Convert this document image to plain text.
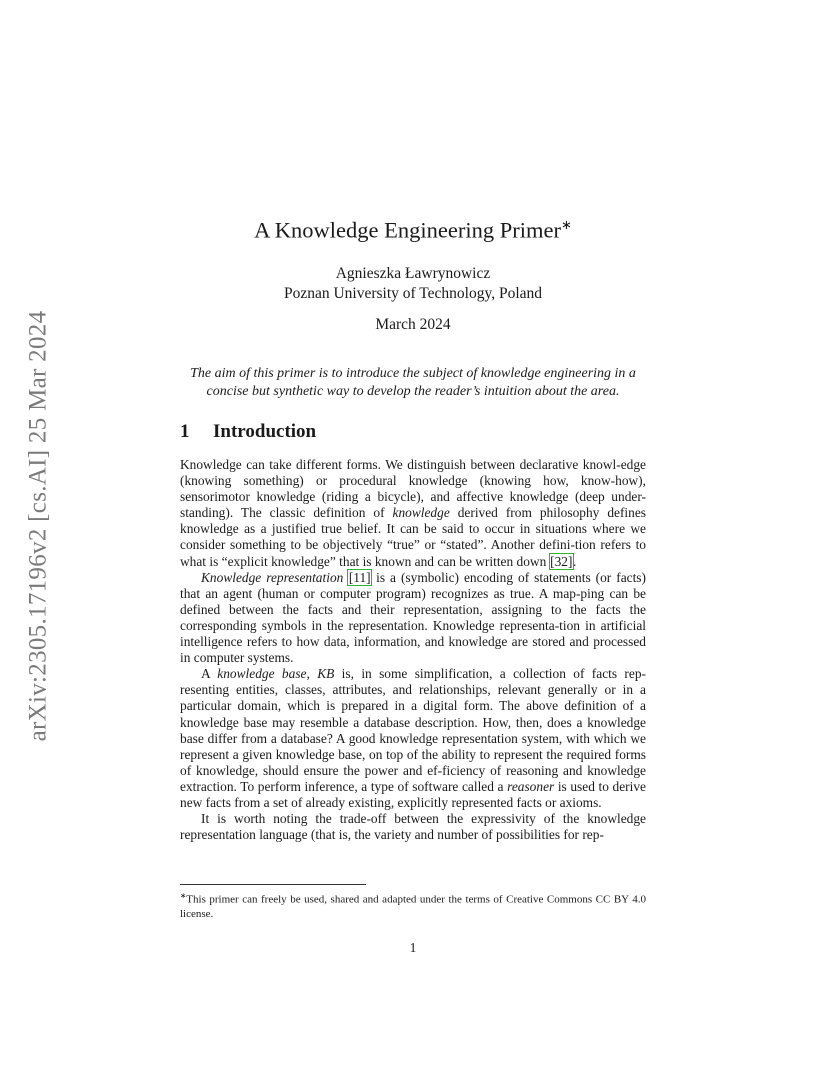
arXiv:2305.17196v2 [cs.AI] 25 Mar 2024
A Knowledge Engineering Primer∗
Agnieszka Ławrynowicz
Poznan University of Technology, Poland
March 2024
The aim of this primer is to introduce the subject of knowledge engineering in a concise but synthetic way to develop the reader’s intuition about the area.
1 Introduction

Knowledge can take different forms. We distinguish between declarative knowl-edge (knowing something) or procedural knowledge (knowing how, know-how), sensorimotor knowledge (riding a bicycle), and affective knowledge (deep under-standing). The classic definition of knowledge derived from philosophy defines knowledge as a justified true belief. It can be said to occur in situations where we consider something to be objectively “true” or “stated”. Another defini-tion refers to what is “explicit knowledge” that is known and can be written down [32].

Knowledge representation [11] is a (symbolic) encoding of statements (or facts) that an agent (human or computer program) recognizes as true. A map-ping can be defined between the facts and their representation, assigning to the facts the corresponding symbols in the representation. Knowledge representa-tion in artificial intelligence refers to how data, information, and knowledge are stored and processed in computer systems.

A knowledge base, KB is, in some simplification, a collection of facts rep-resenting entities, classes, attributes, and relationships, relevant generally or in a particular domain, which is prepared in a digital form. The above definition of a knowledge base may resemble a database description. How, then, does a knowledge base differ from a database? A good knowledge representation system, with which we represent a given knowledge base, on top of the ability to represent the required forms of knowledge, should ensure the power and ef-ficiency of reasoning and knowledge extraction. To perform inference, a type of software called a reasoner is used to derive new facts from a set of already existing, explicitly represented facts or axioms.

It is worth noting the trade-off between the expressivity of the knowledge representation language (that is, the variety and number of possibilities for rep-

∗This primer can freely be used, shared and adapted under the terms of Creative Commons CC BY 4.0 license.
1
